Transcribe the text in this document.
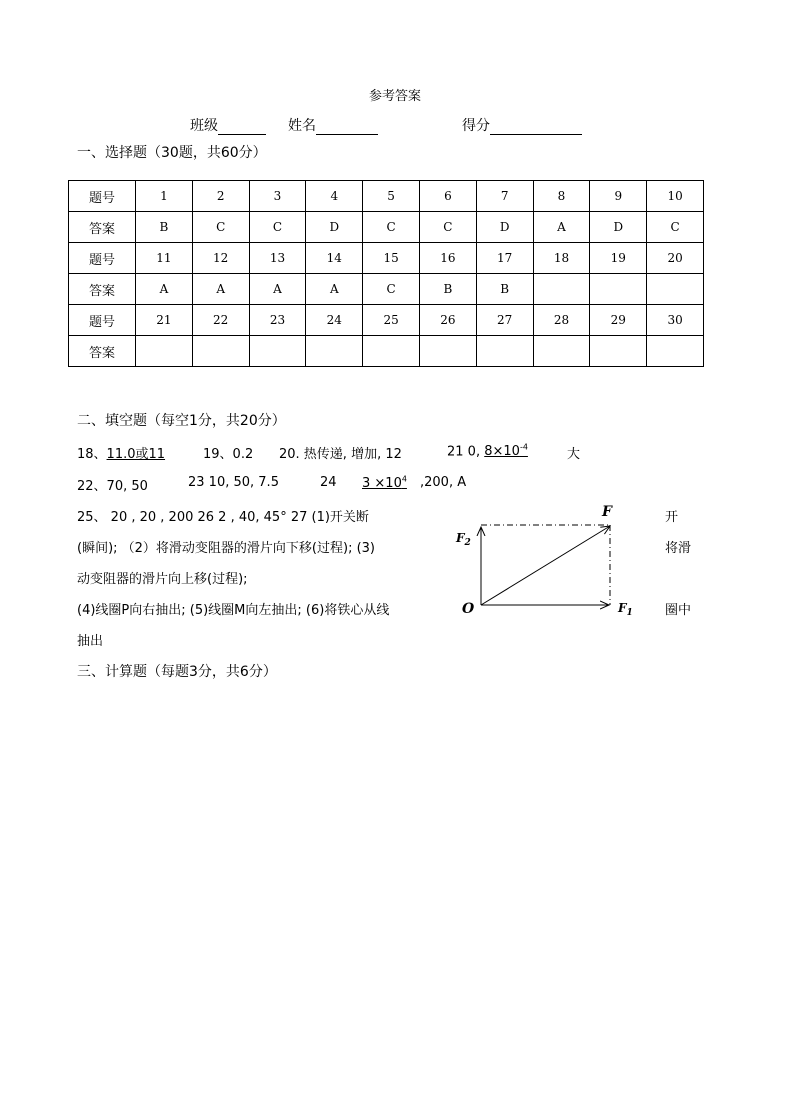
参考答案
班级	姓名	得分
一、选择题（30题，共60分）
题号	1	2	3	4	5	6	7	8	9	10
答案	B	C	C	D	C	C	D	A	D	C
题号	11	12	13	14	15	16	17	18	19	20
答案	A	A	A	A	C	B	B			
题号	21	22	23	24	25	26	27	28	29	30
答案										
二、填空题（每空1分，共20分）
18、11.0或11	19、0.2 20. 热传递, 增加, 12	21 0, $8\times 10^{-4}$	大
22、70, 50	23 10, 50, 7.5	24 $3 \times 10^4$ ,200, A
25、 20 , 20 , 200 26 2 , 40, 45° 27 (1)开关断	开
(瞬间); （2）将滑动变阻器的滑片向下移(过程); (3)	将滑
动变阻器的滑片向上移(过程);
(4)线圈P向右抽出; (5)线圈M向左抽出; (6)将铁心从线	圈中
抽出
F
$F_2$
$F_1$
O
三、计算题（每题3分，共6分）
